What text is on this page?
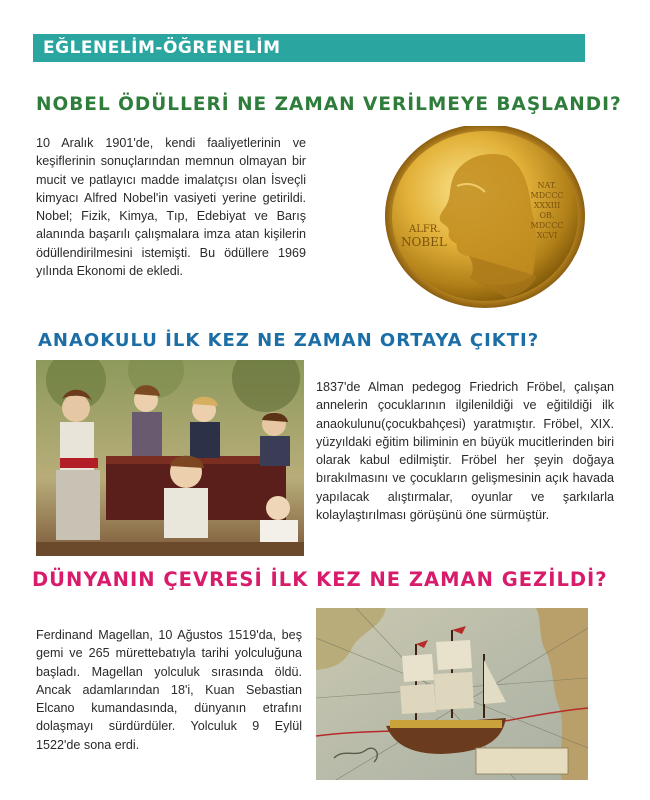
EĞLENELİM-ÖĞRENELİM
NOBEL ÖDÜLLERİ NE ZAMAN VERİLMEYE BAŞLANDI?

10 Aralık 1901'de, kendi faaliyetlerinin ve keşiflerinin sonuçlarından memnun olmayan bir mucit ve patlayıcı madde imalatçısı olan İsveçli kimyacı Alfred Nobel'in vasiyeti yerine getirildi. Nobel; Fizik, Kimya, Tıp, Edebiyat ve Barış alanında başarılı çalışmalara imza atan kişilerin ödüllendirilmesini istemişti. Bu ödüllere 1969 yılında Ekonomi de ekledi.

ALFR.
NOBEL
NAT.
MDCCC
XXXIII
OB.
MDCCC
XCVI
ANAOKULU İLK KEZ NE ZAMAN ORTAYA ÇIKTI?

1837'de Alman pedegog Friedrich Fröbel, çalışan annelerin çocuklarının ilgilenildiği ve eğitildiği ilk anaokulunu(çocukbahçesi) yaratmıştır. Fröbel, XIX. yüzyıldaki eğitim biliminin en büyük mucitlerinden biri olarak kabul edilmiştir. Fröbel her şeyin doğaya bırakılmasını ve çocukların gelişmesinin açık havada yapılacak alıştırmalar, oyunlar ve şarkılarla kolaylaştırılması görüşünü öne sürmüştür.

DÜNYANIN ÇEVRESİ İLK KEZ NE ZAMAN GEZİLDİ?

Ferdinand Magellan, 10 Ağustos 1519'da, beş gemi ve 265 mürettebatıyla tarihi yolculuğuna başladı. Magellan yolculuk sırasında öldü. Ancak adamlarından 18'i, Kuan Sebastian Elcano kumandasında, dünyanın etrafını dolaşmayı sürdürdüler. Yolculuk 9 Eylül 1522'de sona erdi.
